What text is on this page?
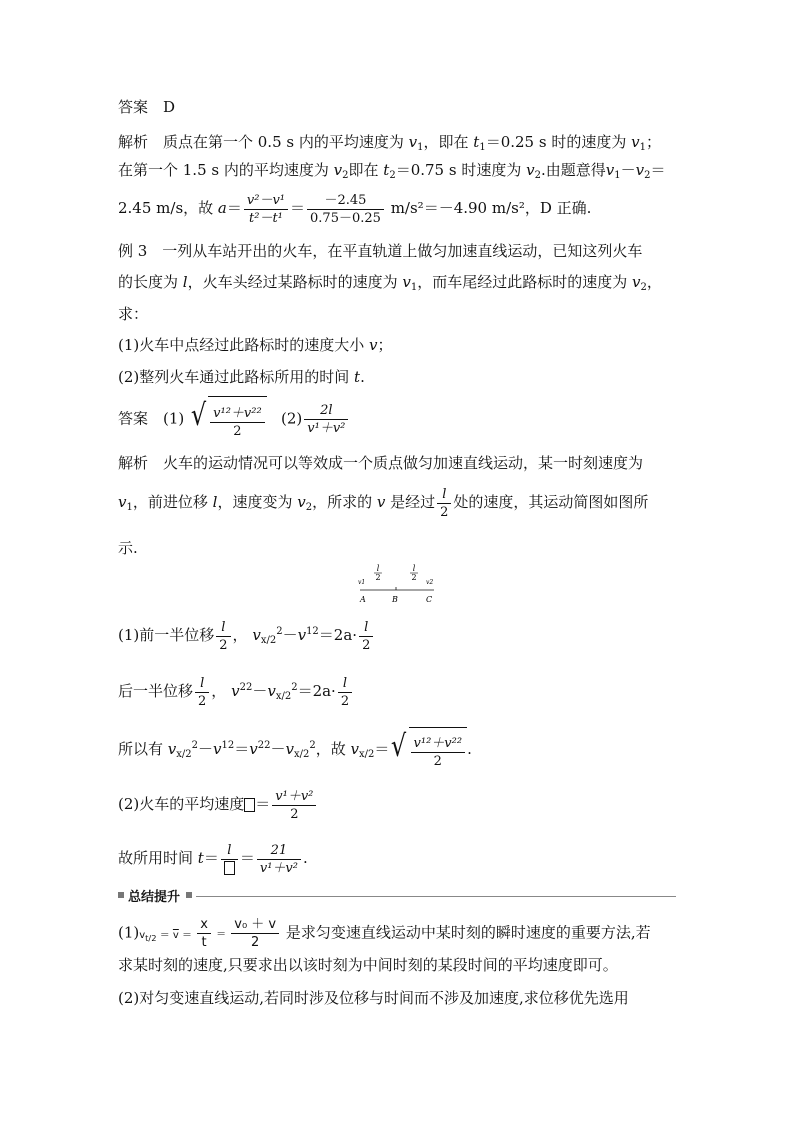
答案　D
解析　质点在第一个 0.5 s 内的平均速度为 $v_1$，即在 $t_1=0.25$ s 时的速度为 $v_1$；
在第一个 1.5 s 内的平均速度为 $v_2$即在 $t_2=0.75$ s 时速度为 $v_2$.由题意得$v_1-v_2=$
2.45 m/s，故 $a= \frac{\text{v²－v¹}}{\text{t²－t¹}} = \frac{-2.45}{0.75-0.25} m/s^2=-4.90$ m/s²，D 正确.
例 3　一列从车站开出的火车，在平直轨道上做匀加速直线运动，已知这列火车
的长度为 l，火车头经过某路标时的速度为 $v_1$，而车尾经过此路标时的速度为 $v_2$，
求：
(1)火车中点经过此路标时的速度大小 v；
(2)整列火车通过此路标所用的时间 t.
答案　(1) √ $\frac{\text{v¹²＋v²²}}{2} (2) \frac{2l}{\text{v¹＋v²}}$
解析　火车的运动情况可以等效成一个质点做匀加速直线运动，某一时刻速度为
$v_1$，前进位移 l，速度变为 $v_2$，所求的 v 是经过 $\frac{l}{2}$ 处的速度，其运动简图如图所
示.
l
2
l
2
v1	v2
A	B	C
(1)前一半位移 $\frac{l}{2}$ ， $v_{x/2}^2-v^{12}=2a\cdot \frac{l}{2}$
后一半位移 $\frac{l}{2}$ ， $v^{22}-v_{x/2}^2=2a\cdot \frac{l}{2}$
所以有 $v_{x/2}^2-v^{12}=v^{22}-v_{x/2}^2$，故 $v_{x/2}=$ √ $\frac{\text{v¹²＋v²²}}{2}$ .
(2)火车的平均速度 ＝ $\frac{\text{v¹＋v²}}{2}$
故所用时间 $t= l = \frac{21}{\text{v¹＋v²}}$ .
总结提升
$(1)v_{t/2} = \overline{v} = \frac{x}{t} = \frac{\text{v₀ ＋ v}}{2}$ 是求匀变速直线运动中某时刻的瞬时速度的重要方法,若
求某时刻的速度,只要求出以该时刻为中间时刻的某段时间的平均速度即可。
(2)对匀变速直线运动,若同时涉及位移与时间而不涉及加速度,求位移优先选用
